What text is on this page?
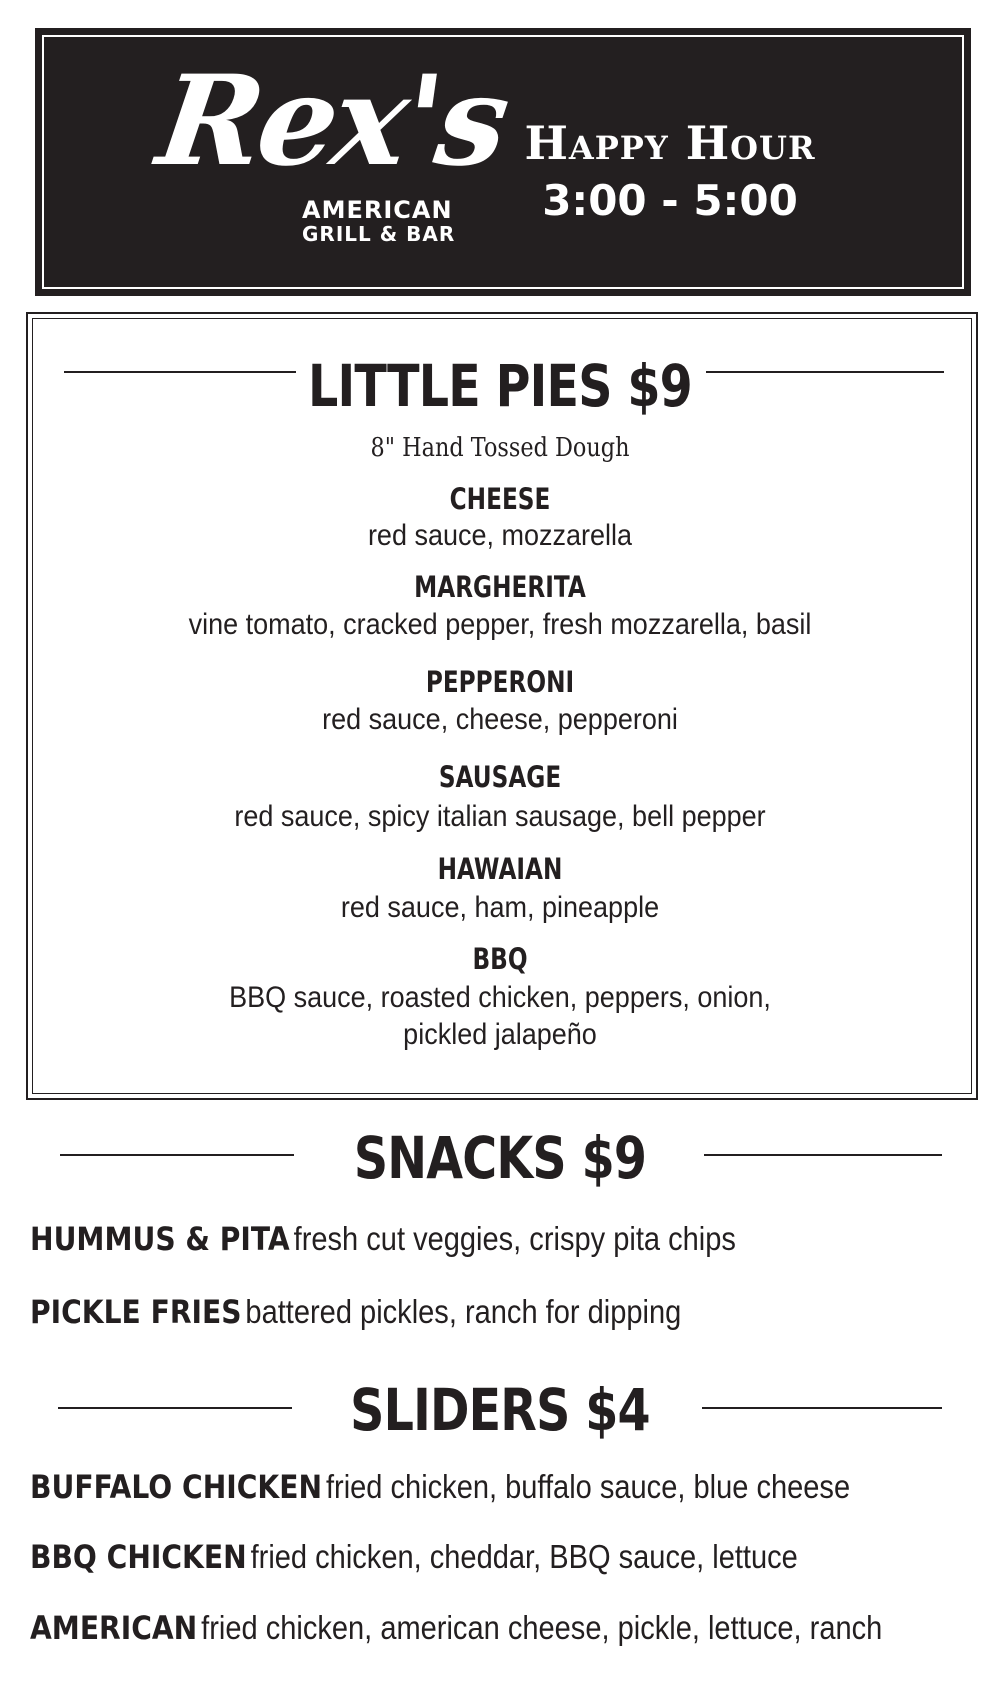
Rex's
AMERICAN
GRILL & BAR
Happy Hour
3:00 - 5:00
LITTLE PIES $9
8" Hand Tossed Dough
CHEESE
red sauce, mozzarella
MARGHERITA
vine tomato, cracked pepper, fresh mozzarella, basil
PEPPERONI
red sauce, cheese, pepperoni
SAUSAGE
red sauce, spicy italian sausage, bell pepper
HAWAIAN
red sauce, ham, pineapple
BBQ
BBQ sauce, roasted chicken, peppers, onion,
pickled jalapeño
SNACKS $9
HUMMUS & PITA fresh cut veggies, crispy pita chips
PICKLE FRIES battered pickles, ranch for dipping
SLIDERS $4
BUFFALO CHICKEN fried chicken, buffalo sauce, blue cheese
BBQ CHICKEN fried chicken, cheddar, BBQ sauce, lettuce
AMERICAN fried chicken, american cheese, pickle, lettuce, ranch
